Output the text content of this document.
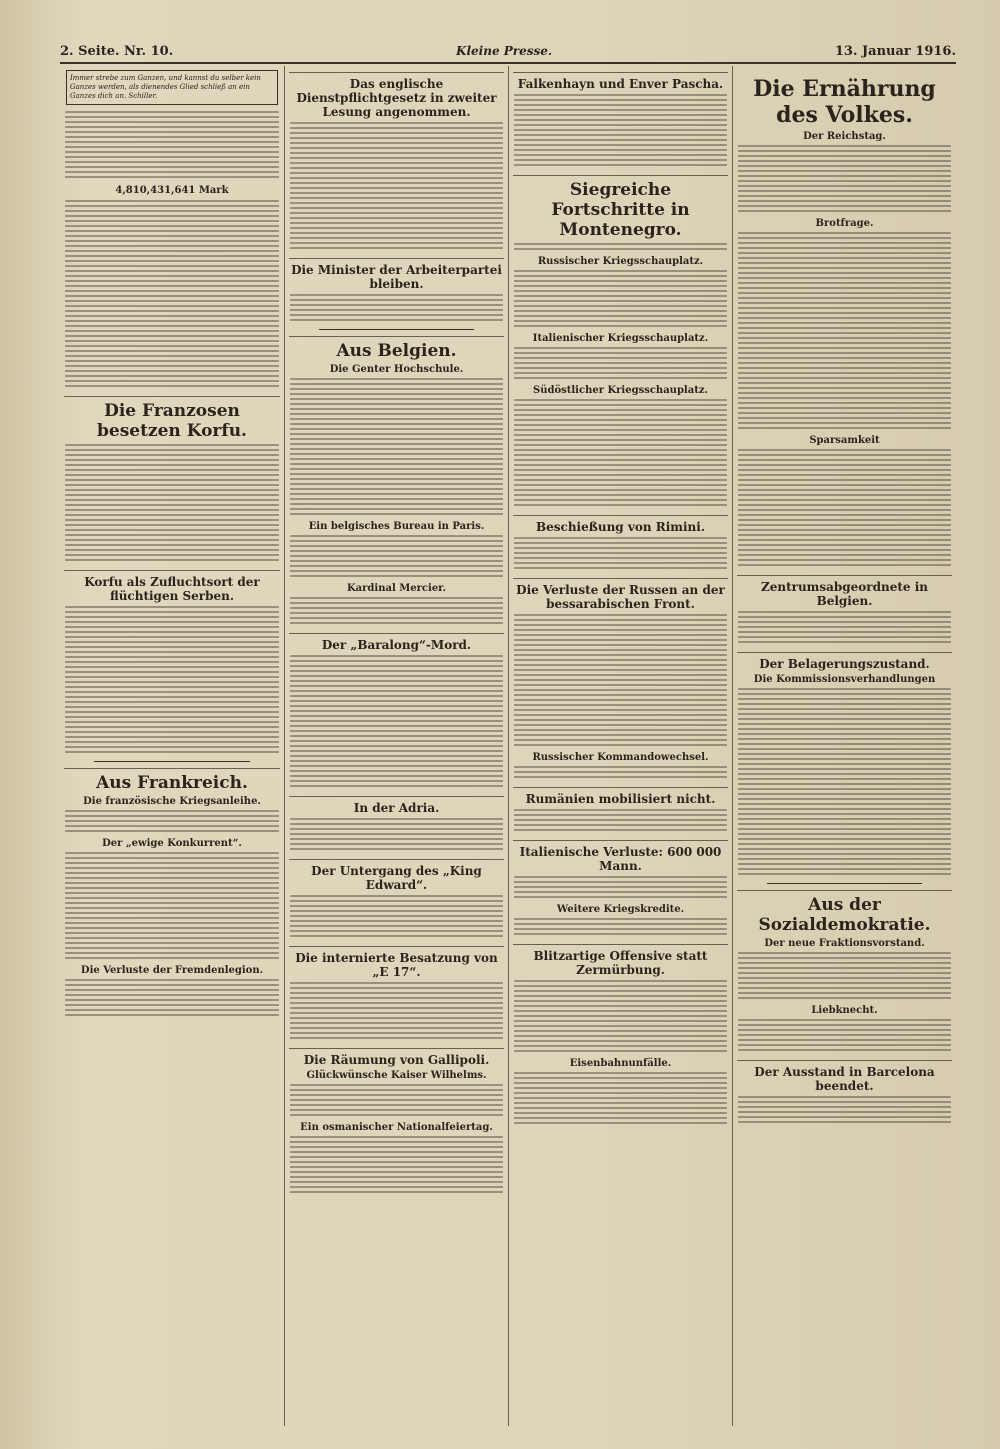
2. Seite. Nr. 10.	Kleine Presse.	13. Januar 1916.
Immer strebe zum Ganzen, und kannst du selber kein Ganzes werden, als dienendes Glied schließ an ein Ganzes dich an. Schiller.
4,810,431,641 Mark
Die Franzosen besetzen Korfu.
Korfu als Zufluchtsort der flüchtigen Serben.
Aus Frankreich.
Die französische Kriegsanleihe.
Der „ewige Konkurrent“.
Die Verluste der Fremdenlegion.
Das englische Dienstpflichtgesetz in zweiter Lesung angenommen.
Die Minister der Arbeiterpartei bleiben.
Aus Belgien.
Die Genter Hochschule.
Ein belgisches Bureau in Paris.
Kardinal Mercier.
Der „Baralong“-Mord.
In der Adria.
Der Untergang des „King Edward“.
Die internierte Besatzung von „E 17“.
Die Räumung von Gallipoli.
Glückwünsche Kaiser Wilhelms.
Ein osmanischer Nationalfeiertag.
Falkenhayn und Enver Pascha.
Siegreiche Fortschritte in Montenegro.
Russischer Kriegsschauplatz.
Italienischer Kriegsschauplatz.
Südöstlicher Kriegsschauplatz.
Beschießung von Rimini.
Die Verluste der Russen an der bessarabischen Front.
Russischer Kommandowechsel.
Rumänien mobilisiert nicht.
Italienische Verluste: 600 000 Mann.
Weitere Kriegskredite.
Blitzartige Offensive statt Zermürbung.
Eisenbahnunfälle.
Die Ernährung des Volkes.
Der Reichstag.
Brotfrage.
Sparsamkeit
Zentrumsabgeordnete in Belgien.
Der Belagerungszustand.
Die Kommissionsverhandlungen
Aus der Sozialdemokratie.
Der neue Fraktionsvorstand.
Liebknecht.
Der Ausstand in Barcelona beendet.
